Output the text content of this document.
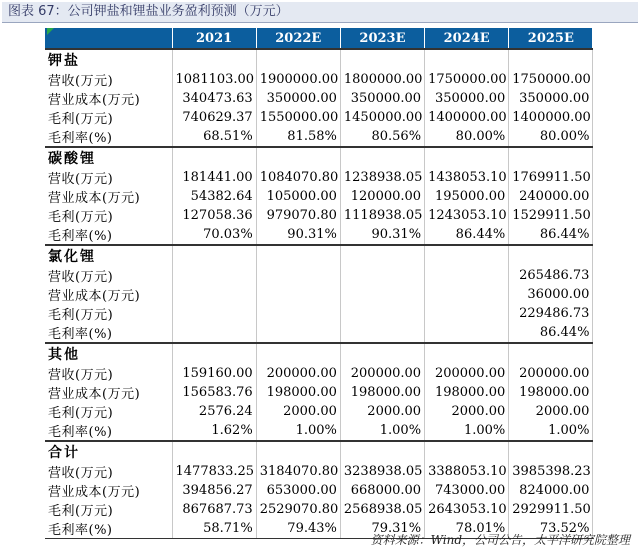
图表 67：公司钾盐和锂盐业务盈利预测（万元）
	2021	2022E	2023E	2024E	2025E
钾盐					
营收(万元)	1081103.00	1900000.00	1800000.00	1750000.00	1750000.00
营业成本(万元)	340473.63	350000.00	350000.00	350000.00	350000.00
毛利(万元)	740629.37	1550000.00	1450000.00	1400000.00	1400000.00
毛利率(%)	68.51%	81.58%	80.56%	80.00%	80.00%
碳酸锂					
营收(万元)	181441.00	1084070.80	1238938.05	1438053.10	1769911.50
营业成本(万元)	54382.64	105000.00	120000.00	195000.00	240000.00
毛利(万元)	127058.36	979070.80	1118938.05	1243053.10	1529911.50
毛利率(%)	70.03%	90.31%	90.31%	86.44%	86.44%
氯化锂					
营收(万元)					265486.73
营业成本(万元)					36000.00
毛利(万元)					229486.73
毛利率(%)					86.44%
其他					
营收(万元)	159160.00	200000.00	200000.00	200000.00	200000.00
营业成本(万元)	156583.76	198000.00	198000.00	198000.00	198000.00
毛利(万元)	2576.24	2000.00	2000.00	2000.00	2000.00
毛利率(%)	1.62%	1.00%	1.00%	1.00%	1.00%
合计					
营收(万元)	1477833.25	3184070.80	3238938.05	3388053.10	3985398.23
营业成本(万元)	394856.27	653000.00	668000.00	743000.00	824000.00
毛利(万元)	867687.73	2529070.80	2568938.05	2643053.10	2929911.50
毛利率(%)	58.71%	79.43%	79.31%	78.01%	73.52%
资料来源：Wind，公司公告，太平洋研究院整理
